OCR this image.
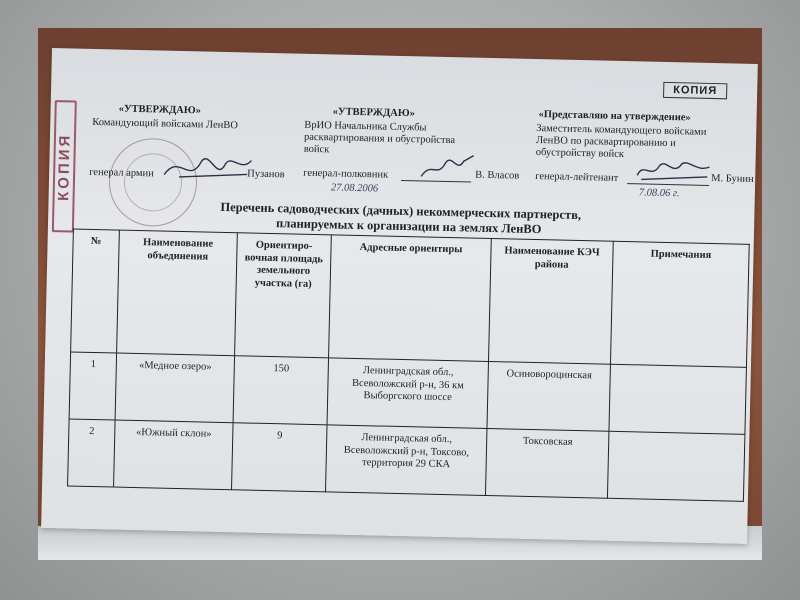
КОПИЯ
КОПИЯ
«УТВЕРЖДАЮ»
Командующий войсками ЛенВО
генерал армии	Пузанов
«УТВЕРЖДАЮ»
ВрИО Начальника Службы
расквартирования и обустройства
войск
генерал-полковник	В. Власов
27.08.2006
«Представляю на утверждение»
Заместитель командующего войсками
ЛенВО по расквартированию и
обустройству войск
генерал-лейтенант	М. Бунин
7.08.06 г.
Перечень садоводческих (дачных) некоммерческих партнерств,
планируемых к организации на землях ЛенВО
№	Наименование объединения	Ориентиро-вочная площадь земельного участка (га)	Адресные ориентиры	Наименование КЭЧ района	Примечания
1	«Медное озеро»	150	Ленинградская обл., Всеволожский р-н, 36 км Выборгского шоссе	Осиновороцинская	
2	«Южный склон»	9	Ленинградская обл., Всеволожский р-н, Токсово, территория 29 СКА	Токсовская	
